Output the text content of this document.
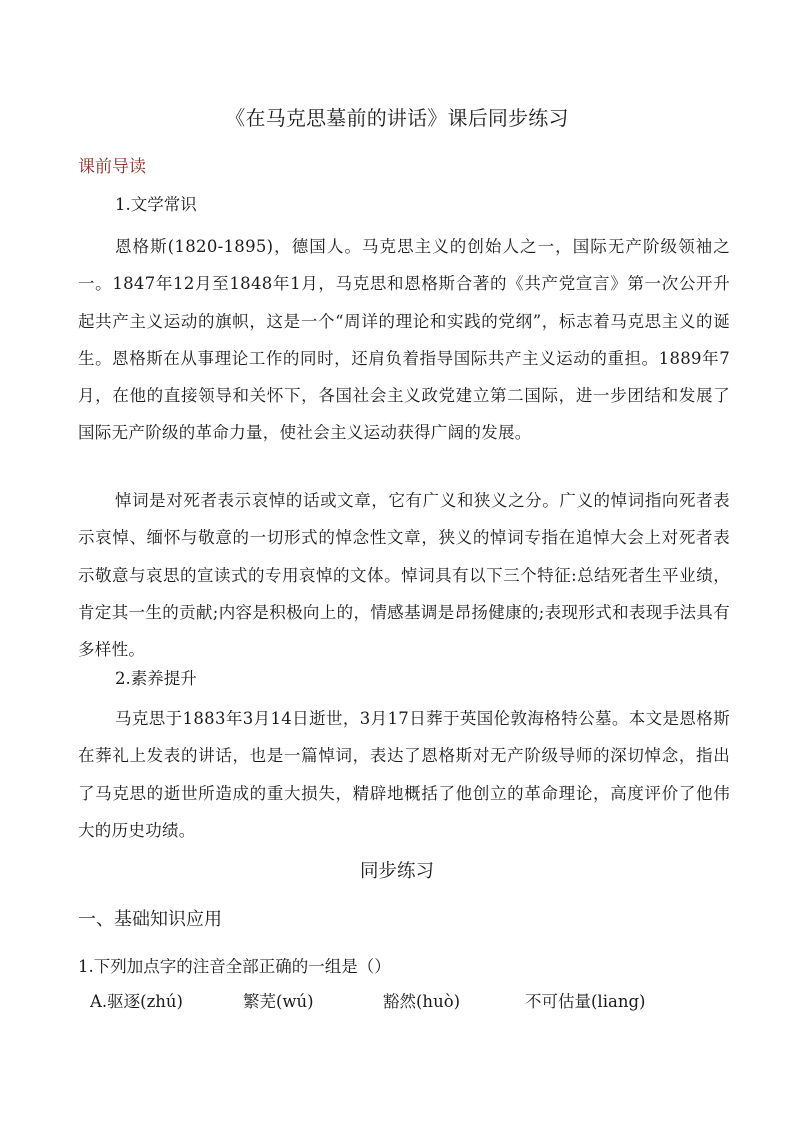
《在马克思墓前的讲话》课后同步练习
课前导读
1.文学常识
恩格斯(1820-1895)，德国人。马克思主义的创始人之一，国际无产阶级领袖之一。1847年12月至1848年1月，马克思和恩格斯合著的《共产党宣言》第一次公开升起共产主义运动的旗帜，这是一个“周详的理论和实践的党纲”，标志着马克思主义的诞生。恩格斯在从事理论工作的同时，还肩负着指导国际共产主义运动的重担。1889年7月，在他的直接领导和关怀下，各国社会主义政党建立第二国际，进一步团结和发展了国际无产阶级的革命力量，使社会主义运动获得广阔的发展。
悼词是对死者表示哀悼的话或文章，它有广义和狭义之分。广义的悼词指向死者表示哀悼、缅怀与敬意的一切形式的悼念性文章，狭义的悼词专指在追悼大会上对死者表示敬意与哀思的宣读式的专用哀悼的文体。悼词具有以下三个特征:总结死者生平业绩，肯定其一生的贡献;内容是积极向上的，情感基调是昂扬健康的;表现形式和表现手法具有多样性。
2.素养提升
马克思于1883年3月14日逝世，3月17日葬于英国伦敦海格特公墓。本文是恩格斯在葬礼上发表的讲话，也是一篇悼词，表达了恩格斯对无产阶级导师的深切悼念，指出了马克思的逝世所造成的重大损失，精辟地概括了他创立的革命理论，高度评价了他伟大的历史功绩。
同步练习
一、基础知识应用
1.下列加点字的注音全部正确的一组是（）
A.驱逐(zhú)	繁芜(wú)	豁然(huò)	不可估量(liang)
